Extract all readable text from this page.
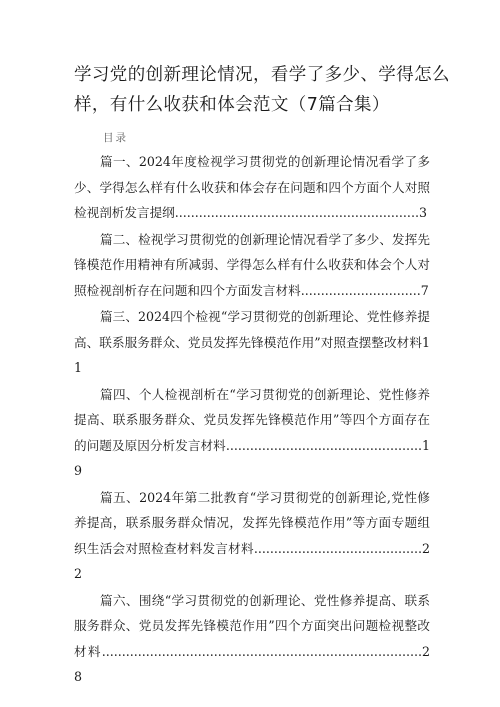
学习党的创新理论情况，看学了多少、学得怎么样，有什么收获和体会范文（7篇合集）
目录
篇一、2024年度检视学习贯彻党的创新理论情况看学了多少、学得怎么样有什么收获和体会存在问题和四个方面个人对照检视剖析发言提纲.............................................................3
篇二、检视学习贯彻党的创新理论情况看学了多少、发挥先锋模范作用精神有所减弱、学得怎么样有什么收获和体会个人对照检视剖析存在问题和四个方面发言材料..............................7
篇三、2024四个检视“学习贯彻党的创新理论、党性修养提高、联系服务群众、党员发挥先锋模范作用”对照查摆整改材料11
篇四、个人检视剖析在“学习贯彻党的创新理论、党性修养提高、联系服务群众、党员发挥先锋模范作用”等四个方面存在的问题及原因分析发言材料.................................................19
篇五、2024年第二批教育“学习贯彻党的创新理论,党性修养提高，联系服务群众情况，发挥先锋模范作用”等方面专题组织生活会对照检查材料发言材料..........................................22
篇六、围绕“学习贯彻党的创新理论、党性修养提高、联系服务群众、党员发挥先锋模范作用”四个方面突出问题检视整改材料................................................................................28
